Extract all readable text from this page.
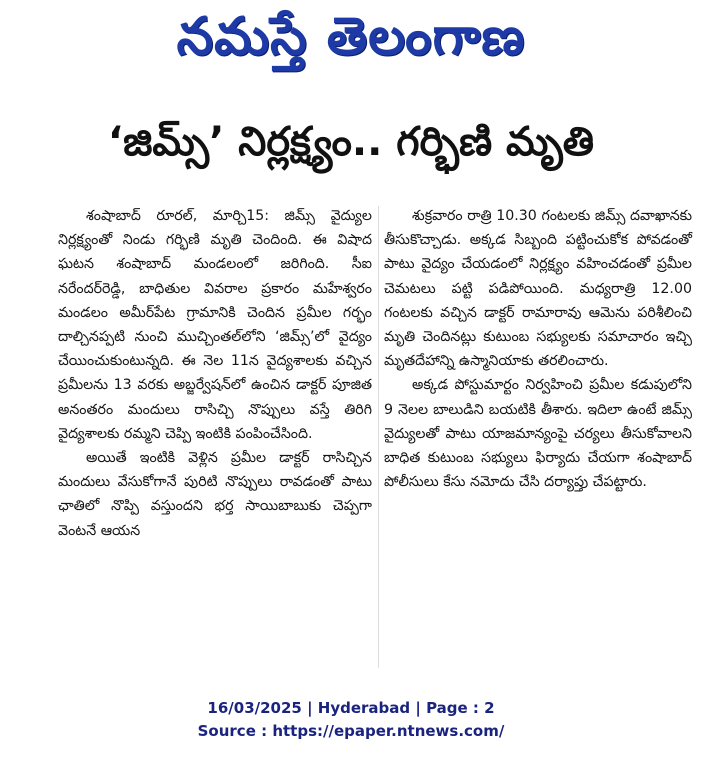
నమస్తే తెలంగాణ
‘జిమ్స్’ నిర్లక్ష్యం.. గర్భిణి మృతి

శంషాబాద్ రూరల్, మార్చి15: జిమ్స్ వైద్యుల నిర్లక్ష్యంతో నిండు గర్భిణి మృతి చెందింది. ఈ విషాద ఘటన శంషాబాద్ మండలంలో జరిగింది. సీఐ నరేందర్‌రెడ్డి, బాధితుల వివరాల ప్రకారం మహేశ్వరం మండలం అమీర్‌పేట గ్రామానికి చెందిన ప్రమీల గర్భం దాల్చినప్పటి నుంచి ముచ్చింతల్‌లోని ‘జిమ్స్’లో వైద్యం చేయించుకుంటున్నది. ఈ నెల 11న వైద్యశాలకు వచ్చిన ప్రమీలను 13 వరకు అబ్జర్వేషన్‌లో ఉంచిన డాక్టర్ పూజిత అనంతరం మందులు రాసిచ్చి నొప్పులు వస్తే తిరిగి వైద్యశాలకు రమ్మని చెప్పి ఇంటికి పంపించేసింది.

అయితే ఇంటికి వెళ్లిన ప్రమీల డాక్టర్ రాసిచ్చిన మందులు వేసుకోగానే పురిటి నొప్పులు రావడంతో పాటు ఛాతిలో నొప్పి వస్తుందని భర్త సాయిబాబుకు చెప్పగా వెంటనే ఆయన

శుక్రవారం రాత్రి 10.30 గంటలకు జిమ్స్ దవాఖానకు తీసుకొచ్చాడు. అక్కడ సిబ్బంది పట్టించుకోక పోవడంతో పాటు వైద్యం చేయడంలో నిర్లక్ష్యం వహించడంతో ప్రమీల చెమటలు పట్టి పడిపోయింది. మధ్యరాత్రి 12.00 గంటలకు వచ్చిన డాక్టర్ రామారావు ఆమెను పరిశీలించి మృతి చెందినట్లు కుటుంబ సభ్యులకు సమాచారం ఇచ్చి మృతదేహాన్ని ఉస్మానియాకు తరలించారు.

అక్కడ పోస్టుమార్టం నిర్వహించి ప్రమీల కడుపులోని 9 నెలల బాలుడిని బయటికి తీశారు. ఇదిలా ఉంటే జిమ్స్ వైద్యులతో పాటు యాజమాన్యంపై చర్యలు తీసుకోవాలని బాధిత కుటుంబ సభ్యులు ఫిర్యాదు చేయగా శంషాబాద్ పోలీసులు కేసు నమోదు చేసి దర్యాప్తు చేపట్టారు.

16/03/2025 | Hyderabad | Page : 2
Source : https://epaper.ntnews.com/
